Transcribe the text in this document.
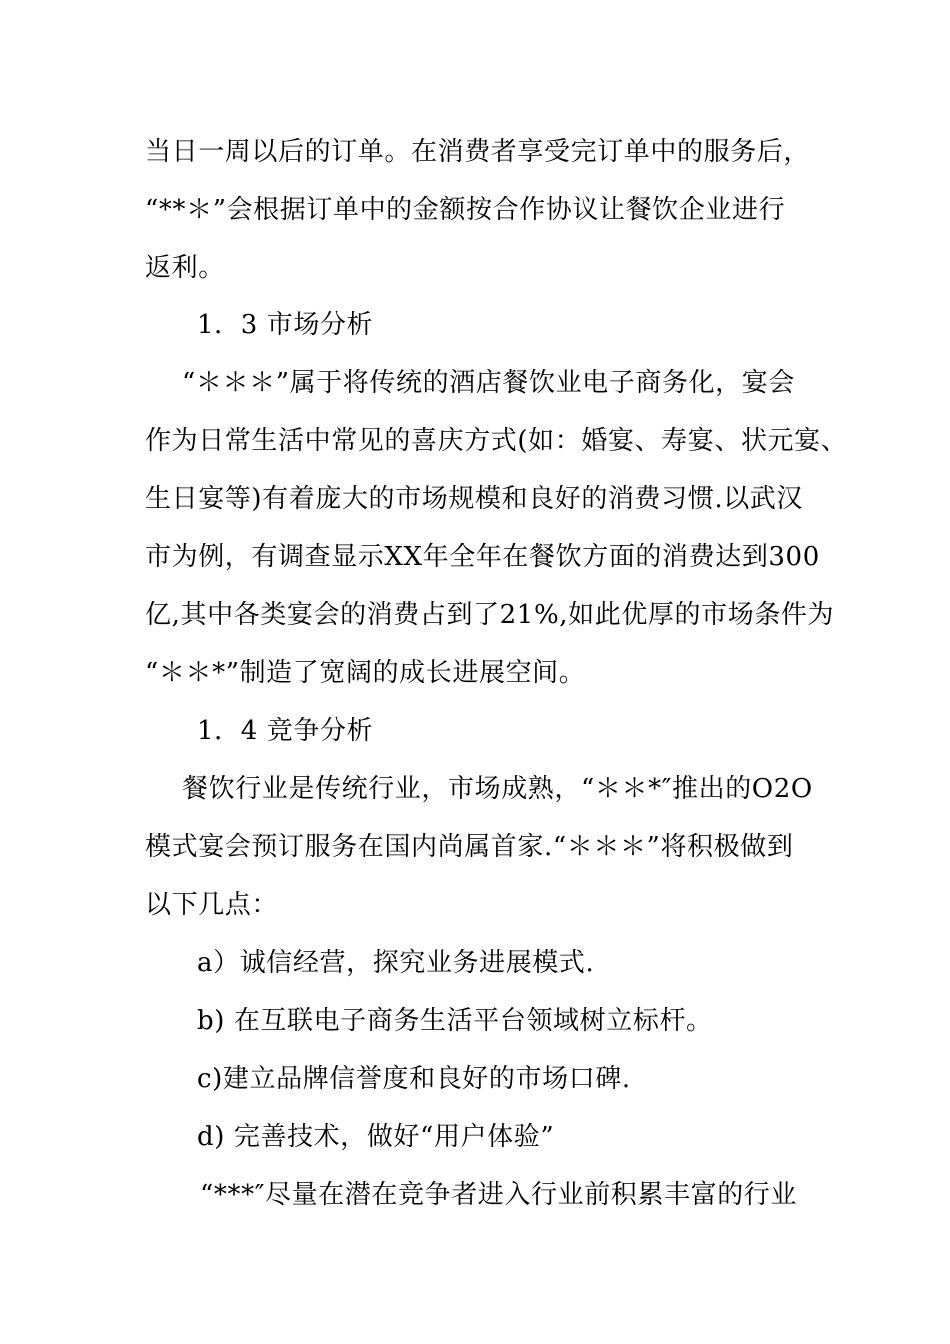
当日一周以后的订单。在消费者享受完订单中的服务后，
“**＊”会根据订单中的金额按合作协议让餐饮企业进行
返利。
1．3 市场分析
“＊＊＊”属于将传统的酒店餐饮业电子商务化，宴会
作为日常生活中常见的喜庆方式(如：婚宴、寿宴、状元宴、
生日宴等)有着庞大的市场规模和良好的消费习惯.以武汉
市为例，有调查显示XX年全年在餐饮方面的消费达到300
亿,其中各类宴会的消费占到了21%,如此优厚的市场条件为
“＊＊*”制造了宽阔的成长进展空间。
1．4 竞争分析
餐饮行业是传统行业，市场成熟，“＊＊*″推出的O2O
模式宴会预订服务在国内尚属首家.“＊＊＊”将积极做到
以下几点：
a）诚信经营，探究业务进展模式.
b) 在互联电子商务生活平台领域树立标杆。
c)建立品牌信誉度和良好的市场口碑.
d) 完善技术，做好“用户体验”
“***″尽量在潜在竞争者进入行业前积累丰富的行业
